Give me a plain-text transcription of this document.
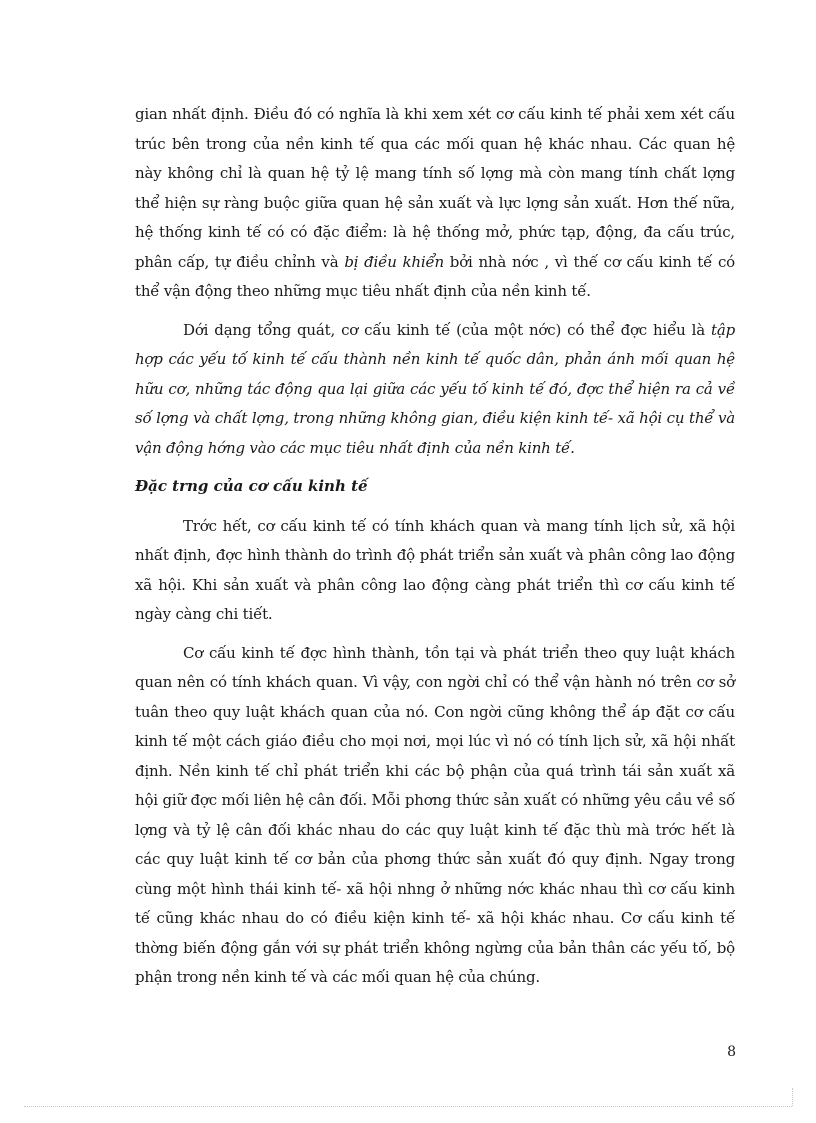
gian nhất định. Điều đó có nghĩa là khi xem xét cơ cấu kinh tế phải xem xét cấu trúc bên trong của nền kinh tế qua các mối quan hệ khác nhau. Các quan hệ này không chỉ là quan hệ tỷ lệ mang tính số lợng mà còn mang tính chất lợng thể hiện sự ràng buộc giữa quan hệ sản xuất và lực lợng sản xuất. Hơn thế nữa, hệ thống kinh tế có có đặc điểm: là hệ thống mở, phức tạp, động, đa cấu trúc, phân cấp, tự điều chỉnh và bị điều khiển bởi nhà nớc , vì thế cơ cấu kinh tế có thể vận động theo những mục tiêu nhất định của nền kinh tế.

Dới dạng tổng quát, cơ cấu kinh tế (của một nớc) có thể đợc hiểu là tập hợp các yếu tố kinh tế cấu thành nền kinh tế quốc dân, phản ánh mối quan hệ hữu cơ, những tác động qua lại giữa các yếu tố kinh tế đó, đợc thể hiện ra cả về số lợng và chất lợng, trong những không gian, điều kiện kinh tế- xã hội cụ thể và vận động hớng vào các mục tiêu nhất định của nền kinh tế.

Đặc trng của cơ cấu kinh tế

Trớc hết, cơ cấu kinh tế có tính khách quan và mang tính lịch sử, xã hội nhất định, đợc hình thành do trình độ phát triển sản xuất và phân công lao động xã hội. Khi sản xuất và phân công lao động càng phát triển thì cơ cấu kinh tế ngày càng chi tiết.

Cơ cấu kinh tế đợc hình thành, tồn tại và phát triển theo quy luật khách quan nên có tính khách quan. Vì vậy, con ngời chỉ có thể vận hành nó trên cơ sở tuân theo quy luật khách quan của nó. Con ngời cũng không thể áp đặt cơ cấu kinh tế một cách giáo điều cho mọi nơi, mọi lúc vì nó có tính lịch sử, xã hội nhất định. Nền kinh tế chỉ phát triển khi các bộ phận của quá trình tái sản xuất xã hội giữ đợc mối liên hệ cân đối. Mỗi phơng thức sản xuất có những yêu cầu về số lợng và tỷ lệ cân đối khác nhau do các quy luật kinh tế đặc thù mà trớc hết là các quy luật kinh tế cơ bản của phơng thức sản xuất đó quy định. Ngay trong cùng một hình thái kinh tế- xã hội nhng ở những nớc khác nhau thì cơ cấu kinh tế cũng khác nhau do có điều kiện kinh tế- xã hội khác nhau. Cơ cấu kinh tế thờng biến động gắn với sự phát triển không ngừng của bản thân các yếu tố, bộ phận trong nền kinh tế và các mối quan hệ của chúng.

8
